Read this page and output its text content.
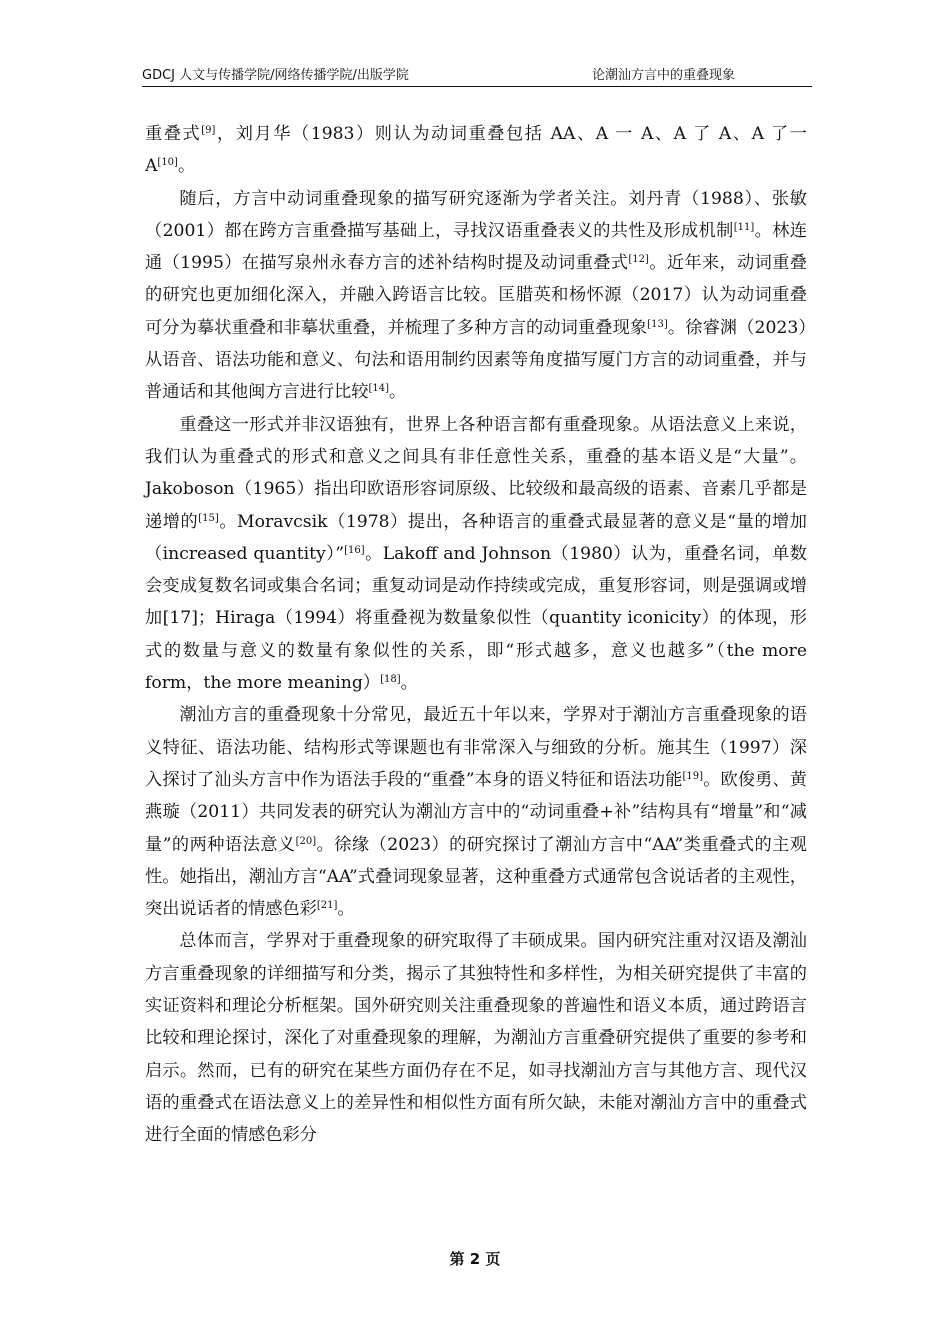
GDCJ 人文与传播学院/网络传播学院/出版学院	论潮汕方言中的重叠现象

重叠式[9]，刘月华（1983）则认为动词重叠包括 AA、A 一 A、A 了 A、A 了一 A[10]。

随后，方言中动词重叠现象的描写研究逐渐为学者关注。刘丹青（1988）、张敏（2001）都在跨方言重叠描写基础上，寻找汉语重叠表义的共性及形成机制[11]。林连通（1995）在描写泉州永春方言的述补结构时提及动词重叠式[12]。近年来，动词重叠的研究也更加细化深入，并融入跨语言比较。匡腊英和杨怀源（2017）认为动词重叠可分为摹状重叠和非摹状重叠，并梳理了多种方言的动词重叠现象[13]。徐睿渊（2023）从语音、语法功能和意义、句法和语用制约因素等角度描写厦门方言的动词重叠，并与普通话和其他闽方言进行比较[14]。

重叠这一形式并非汉语独有，世界上各种语言都有重叠现象。从语法意义上来说，我们认为重叠式的形式和意义之间具有非任意性关系，重叠的基本语义是“大量”。Jakoboson（1965）指出印欧语形容词原级、比较级和最高级的语素、音素几乎都是递增的[15]。Moravcsik（1978）提出，各种语言的重叠式最显著的意义是“量的增加（increased quantity）”[16]。Lakoff and Johnson（1980）认为，重叠名词，单数会变成复数名词或集合名词；重复动词是动作持续或完成，重复形容词，则是强调或增加[17]；Hiraga（1994）将重叠视为数量象似性（quantity iconicity）的体现，形式的数量与意义的数量有象似性的关系，即“形式越多，意义也越多”（the more form，the more meaning）[18]。

潮汕方言的重叠现象十分常见，最近五十年以来，学界对于潮汕方言重叠现象的语义特征、语法功能、结构形式等课题也有非常深入与细致的分析。施其生（1997）深入探讨了汕头方言中作为语法手段的“重叠”本身的语义特征和语法功能[19]。欧俊勇、黄燕璇（2011）共同发表的研究认为潮汕方言中的“动词重叠+补”结构具有“增量”和“减量”的两种语法意义[20]。徐缘（2023）的研究探讨了潮汕方言中“AA”类重叠式的主观性。她指出，潮汕方言“AA”式叠词现象显著，这种重叠方式通常包含说话者的主观性，突出说话者的情感色彩[21]。

总体而言，学界对于重叠现象的研究取得了丰硕成果。国内研究注重对汉语及潮汕方言重叠现象的详细描写和分类，揭示了其独特性和多样性，为相关研究提供了丰富的实证资料和理论分析框架。国外研究则关注重叠现象的普遍性和语义本质，通过跨语言比较和理论探讨，深化了对重叠现象的理解，为潮汕方言重叠研究提供了重要的参考和启示。然而，已有的研究在某些方面仍存在不足，如寻找潮汕方言与其他方言、现代汉语的重叠式在语法意义上的差异性和相似性方面有所欠缺，未能对潮汕方言中的重叠式进行全面的情感色彩分

第 2 页
